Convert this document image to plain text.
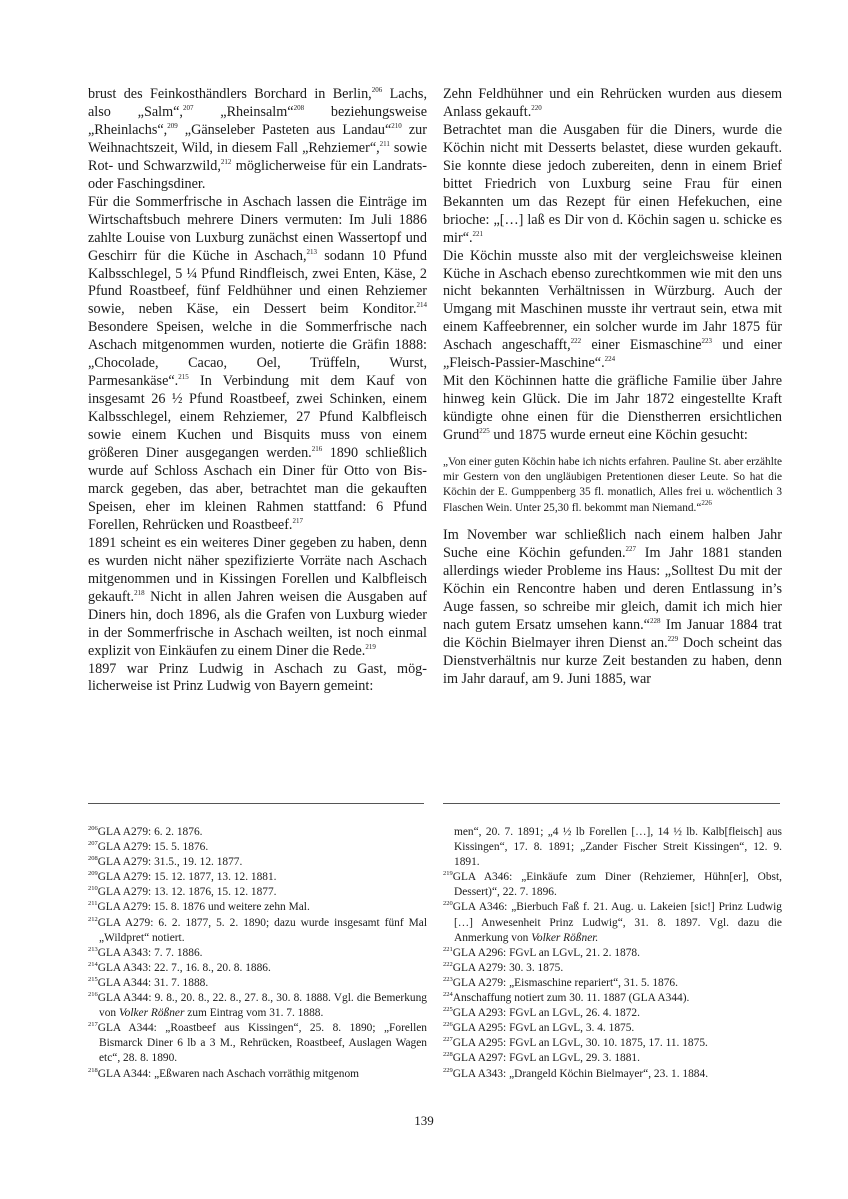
brust des Feinkosthändlers Borchard in Berlin,$^{206}$ Lachs, also „Salm“,$^{207}$ „Rheinsalm“$^{208}$ beziehungsweise „Rheinlachs“,$^{209}$ „Gänseleber Pasteten aus Landau“$^{210}$ zur Weihnachtszeit, Wild, in diesem Fall „Rehziemer“,$^{211}$ sowie Rot- und Schwarzwild,$^{212}$ möglicherweise für ein Landrats- oder Faschingsdiner.

Für die Sommerfrische in Aschach lassen die Einträge im Wirtschaftsbuch mehrere Diners vermuten: Im Juli 1886 zahlte Louise von Luxburg zunächst einen Wassertopf und Geschirr für die Küche in Aschach,$^{213}$ sodann 10 Pfund Kalbsschlegel, 5 ¼ Pfund Rindfleisch, zwei Enten, Käse, 2 Pfund Roastbeef, fünf Feldhühner und einen Rehziemer sowie, neben Käse, ein Dessert beim Konditor.$^{214}$ Besondere Speisen, welche in die Sommerfrische nach Aschach mitgenommen wurden, notierte die Gräfin 1888: „Chocolade, Cacao, Oel, Trüffeln, Wurst, Parmesankäse“.$^{215}$ In Verbindung mit dem Kauf von insgesamt 26 ½ Pfund Roastbeef, zwei Schinken, einem Kalbsschlegel, einem Rehziemer, 27 Pfund Kalbfleisch sowie einem Kuchen und Bisquits muss von einem größeren Diner ausgegangen werden.$^{216}$ 1890 schließlich wurde auf Schloss Aschach ein Diner für Otto von Bismarck gegeben, das aber, betrachtet man die gekauften Speisen, eher im kleinen Rahmen stattfand: 6 Pfund Forellen, Rehrücken und Roastbeef.$^{217}$

1891 scheint es ein weiteres Diner gegeben zu haben, denn es wurden nicht näher spezifizierte Vorräte nach Aschach mitgenommen und in Kissingen Forellen und Kalbfleisch gekauft.$^{218}$ Nicht in allen Jahren weisen die Ausgaben auf Diners hin, doch 1896, als die Grafen von Luxburg wieder in der Sommerfrische in Aschach weilten, ist noch einmal explizit von Einkäufen zu einem Diner die Rede.$^{219}$

1897 war Prinz Ludwig in Aschach zu Gast, möglicherweise ist Prinz Ludwig von Bayern gemeint:

Zehn Feldhühner und ein Rehrücken wurden aus diesem Anlass gekauft.$^{220}$

Betrachtet man die Ausgaben für die Diners, wurde die Köchin nicht mit Desserts belastet, diese wurden gekauft. Sie konnte diese jedoch zubereiten, denn in einem Brief bittet Friedrich von Luxburg seine Frau für einen Bekannten um das Rezept für einen Hefekuchen, eine brioche: „[…] laß es Dir von d. Köchin sagen u. schicke es mir“.$^{221}$

Die Köchin musste also mit der vergleichsweise kleinen Küche in Aschach ebenso zurechtkommen wie mit den uns nicht bekannten Verhältnissen in Würzburg. Auch der Umgang mit Maschinen musste ihr vertraut sein, etwa mit einem Kaffeebrenner, ein solcher wurde im Jahr 1875 für Aschach angeschafft,$^{222}$ einer Eismaschine$^{223}$ und einer „Fleisch-Passier-Maschine“.$^{224}$

Mit den Köchinnen hatte die gräfliche Familie über Jahre hinweg kein Glück. Die im Jahr 1872 eingestellte Kraft kündigte ohne einen für die Dienstherren ersichtlichen Grund$^{225}$ und 1875 wurde erneut eine Köchin gesucht:

„Von einer guten Köchin habe ich nichts erfahren. Pauline St. aber erzählte mir Gestern von den ungläubigen Pretentionen dieser Leute. So hat die Köchin der E. Gumppenberg 35 fl. monatlich, Alles frei u. wöchentlich 3 Flaschen Wein. Unter 25,30 fl. bekommt man Niemand.“$^{226}$

Im November war schließlich nach einem halben Jahr Suche eine Köchin gefunden.$^{227}$ Im Jahr 1881 standen allerdings wieder Probleme ins Haus: „Solltest Du mit der Köchin ein Rencontre haben und deren Entlassung in’s Auge fassen, so schreibe mir gleich, damit ich mich hier nach gutem Ersatz umsehen kann.“$^{228}$ Im Januar 1884 trat die Köchin Bielmayer ihren Dienst an.$^{229}$ Doch scheint das Dienstverhältnis nur kurze Zeit bestanden zu haben, denn im Jahr darauf, am 9. Juni 1885, war

$^{206}$GLA A279: 6. 2. 1876.

$^{207}$GLA A279: 15. 5. 1876.

$^{208}$GLA A279: 31.5., 19. 12. 1877.

$^{209}$GLA A279: 15. 12. 1877, 13. 12. 1881.

$^{210}$GLA A279: 13. 12. 1876, 15. 12. 1877.

$^{211}$GLA A279: 15. 8. 1876 und weitere zehn Mal.

$^{212}$GLA A279: 6. 2. 1877, 5. 2. 1890; dazu wurde insgesamt fünf Mal „Wildpret“ notiert.

$^{213}$GLA A343: 7. 7. 1886.

$^{214}$GLA A343: 22. 7., 16. 8., 20. 8. 1886.

$^{215}$GLA A344: 31. 7. 1888.

$^{216}$GLA A344: 9. 8., 20. 8., 22. 8., 27. 8., 30. 8. 1888. Vgl. die Bemerkung von Volker Rößner zum Eintrag vom 31. 7. 1888.

$^{217}$GLA A344: „Roastbeef aus Kissingen“, 25. 8. 1890; „Forellen Bismarck Diner 6 lb a 3 M., Rehrücken, Roastbeef, Auslagen Wagen etc“, 28. 8. 1890.

$^{218}$GLA A344: „Eßwaren nach Aschach vorräthig mitgenom

men“, 20. 7. 1891; „4 ½ lb Forellen […], 14 ½ lb. Kalb[fleisch] aus Kissingen“, 17. 8. 1891; „Zander Fischer Streit Kissingen“, 12. 9. 1891.

$^{219}$GLA A346: „Einkäufe zum Diner (Rehziemer, Hühn[er], Obst, Dessert)“, 22. 7. 1896.

$^{220}$GLA A346: „Bierbuch Faß f. 21. Aug. u. Lakeien [sic!] Prinz Ludwig […] Anwesenheit Prinz Ludwig“, 31. 8. 1897. Vgl. dazu die Anmerkung von Volker Rößner.

$^{221}$GLA A296: FGvL an LGvL, 21. 2. 1878.

$^{222}$GLA A279: 30. 3. 1875.

$^{223}$GLA A279: „Eismaschine repariert“, 31. 5. 1876.

$^{224}$Anschaffung notiert zum 30. 11. 1887 (GLA A344).

$^{225}$GLA A293: FGvL an LGvL, 26. 4. 1872.

$^{226}$GLA A295: FGvL an LGvL, 3. 4. 1875.

$^{227}$GLA A295: FGvL an LGvL, 30. 10. 1875, 17. 11. 1875.

$^{228}$GLA A297: FGvL an LGvL, 29. 3. 1881.

$^{229}$GLA A343: „Drangeld Köchin Bielmayer“, 23. 1. 1884.

139
